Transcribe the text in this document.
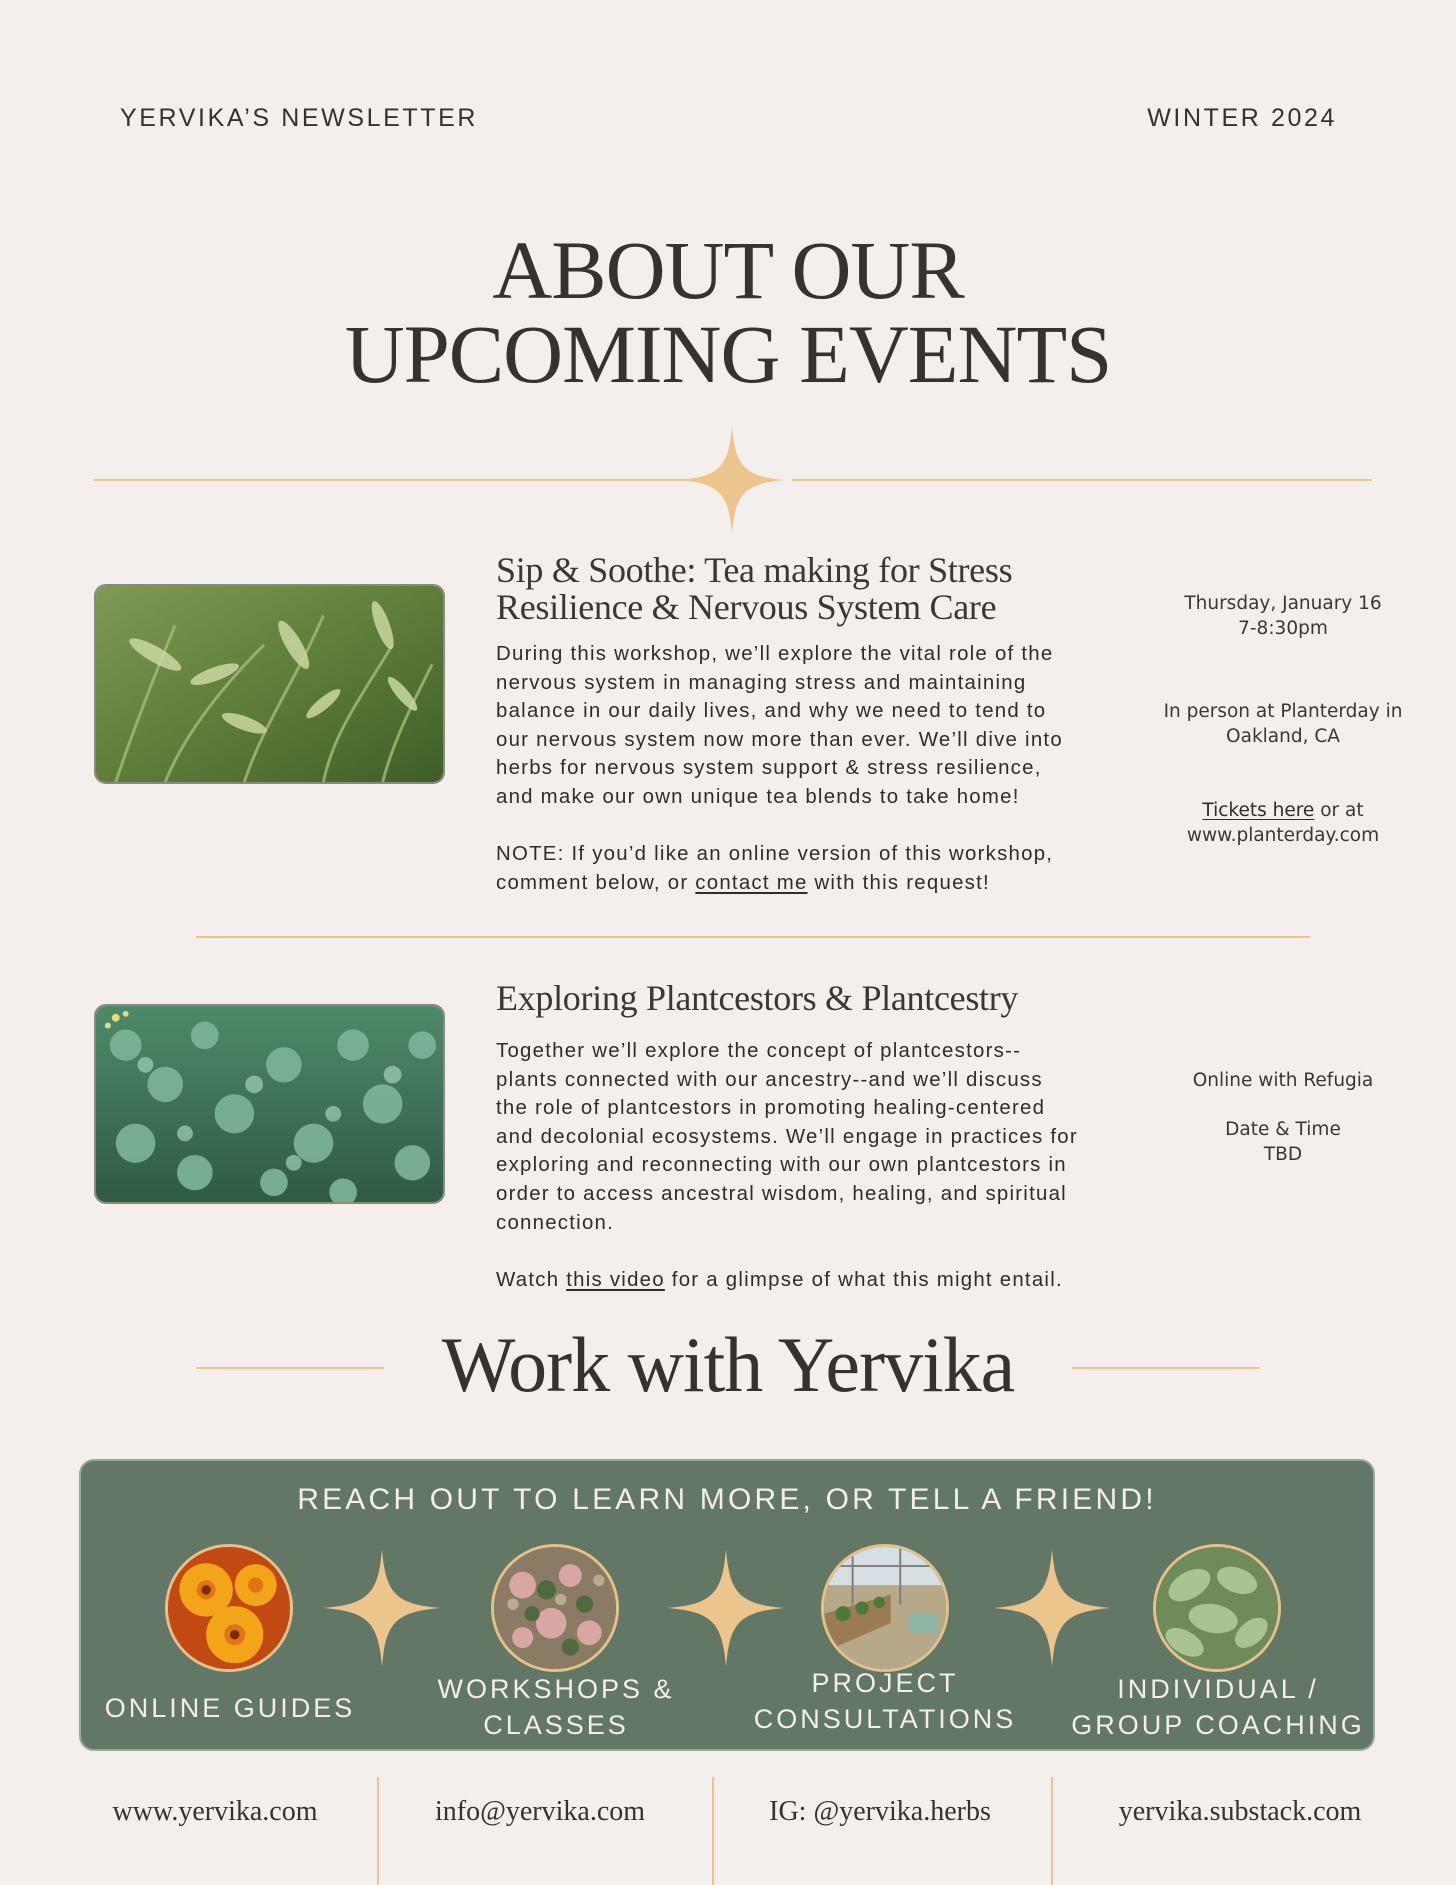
YERVIKA’S NEWSLETTER	WINTER 2024
ABOUT OUR
UPCOMING EVENTS
Sip & Soothe: Tea making for Stress
Resilience & Nervous System Care

During this workshop, we’ll explore the vital role of the

nervous system in managing stress and maintaining

balance in our daily lives, and why we need to tend to

our nervous system now more than ever. We’ll dive into

herbs for nervous system support & stress resilience,

and make our own unique tea blends to take home!

NOTE: If you’d like an online version of this workshop,

comment below, or contact me with this request!

Thursday, January 16

7-8:30pm

In person at Planterday in

Oakland, CA

Tickets here or at

www.planterday.com

Exploring Plantcestors & Plantcestry

Together we’ll explore the concept of plantcestors--

plants connected with our ancestry--and we’ll discuss

the role of plantcestors in promoting healing-centered

and decolonial ecosystems. We’ll engage in practices for

exploring and reconnecting with our own plantcestors in

order to access ancestral wisdom, healing, and spiritual

connection.

Watch this video for a glimpse of what this might entail.

Online with Refugia

Date & Time

TBD

Work with Yervika
REACH OUT TO LEARN MORE, OR TELL A FRIEND!
ONLINE GUIDES
WORKSHOPS &
CLASSES
PROJECT
CONSULTATIONS
INDIVIDUAL /
GROUP COACHING
www.yervika.com	info@yervika.com	IG: @yervika.herbs	yervika.substack.com
